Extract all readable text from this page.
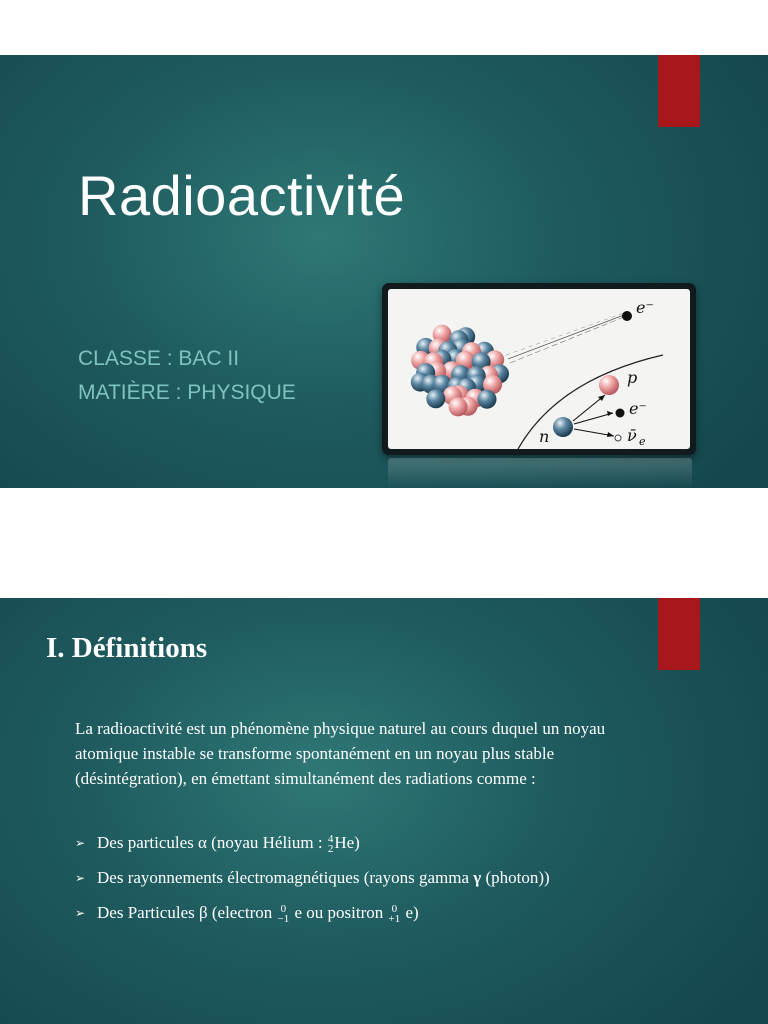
Radioactivité

CLASSE : BAC II

MATIÈRE : PHYSIQUE

e⁻
p
e⁻
ν̄ e
n
I. Définitions

La radioactivité est un phénomène physique naturel au cours duquel un noyau atomique instable se transforme spontanément en un noyau plus stable (désintégration), en émettant simultanément des radiations comme :

➢ Des particules α (noyau Hélium : 4
2 He)
➢ Des rayonnements électromagnétiques (rayons gamma γ (photon))
➢ Des Particules β (electron 0
−1 e ou positron 0
+1 e)
